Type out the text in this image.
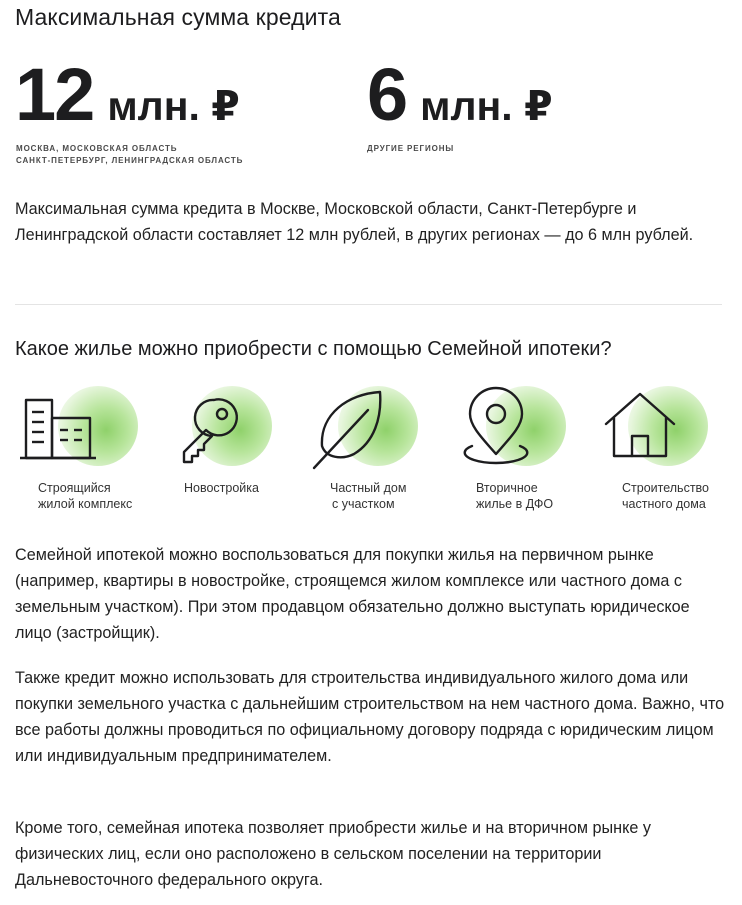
Максимальная сумма кредита
12 млн. ₽
МОСКВА, МОСКОВСКАЯ ОБЛАСТЬ
САНКТ-ПЕТЕРБУРГ, ЛЕНИНГРАДСКАЯ ОБЛАСТЬ
6 млн. ₽
ДРУГИЕ РЕГИОНЫ

Максимальная сумма кредита в Москве, Московской области, Санкт-Петербурге и Ленинградской области составляет 12 млн рублей, в других регионах — до 6 млн рублей.

Какое жилье можно приобрести с помощью Семейной ипотеки?
Строящийся
жилой комплекс
Новостройка	Частный дом
с участком
Вторичное
жилье в ДФО
Строительство
частного дома

Семейной ипотекой можно воспользоваться для покупки жилья на первичном рынке (например, квартиры в новостройке, строящемся жилом комплексе или частного дома с земельным участком). При этом продавцом обязательно должно выступать юридическое лицо (застройщик).

Также кредит можно использовать для строительства индивидуального жилого дома или покупки земельного участка с дальнейшим строительством на нем частного дома. Важно, что все работы должны проводиться по официальному договору подряда с юридическим лицом или индивидуальным предпринимателем.

Кроме того, семейная ипотека позволяет приобрести жилье и на вторичном рынке у физических лиц, если оно расположено в сельском поселении на территории Дальневосточного федерального округа.
